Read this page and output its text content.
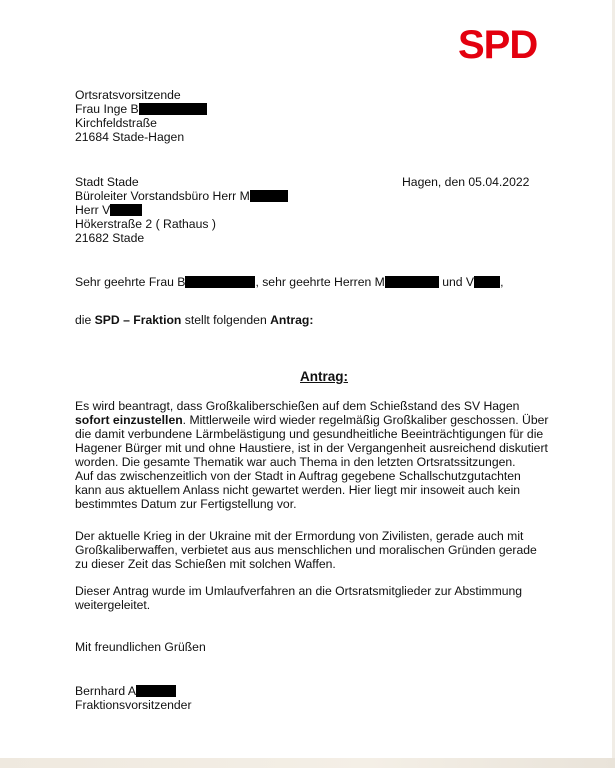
SPD
Ortsratsvorsitzende
Frau Inge B
Kirchfeldstraße
21684 Stade-Hagen
Stadt Stade
Büroleiter Vorstandsbüro Herr M
Herr V
Hökerstraße 2 ( Rathaus )
21682 Stade
Hagen, den 05.04.2022
Sehr geehrte Frau B	, sehr geehrte Herren M	und V ,
die SPD – Fraktion stellt folgenden Antrag:
Antrag:
Es wird beantragt, dass Großkaliberschießen auf dem Schießstand des SV Hagen
sofort einzustellen. Mittlerweile wird wieder regelmäßig Großkaliber geschossen. Über
die damit verbundene Lärmbelästigung und gesundheitliche Beeinträchtigungen für die
Hagener Bürger mit und ohne Haustiere, ist in der Vergangenheit ausreichend diskutiert
worden. Die gesamte Thematik war auch Thema in den letzten Ortsratssitzungen.
Auf das zwischenzeitlich von der Stadt in Auftrag gegebene Schallschutzgutachten
kann aus aktuellem Anlass nicht gewartet werden. Hier liegt mir insoweit auch kein
bestimmtes Datum zur Fertigstellung vor.
Der aktuelle Krieg in der Ukraine mit der Ermordung von Zivilisten, gerade auch mit
Großkaliberwaffen, verbietet aus aus menschlichen und moralischen Gründen gerade
zu dieser Zeit das Schießen mit solchen Waffen.
Dieser Antrag wurde im Umlaufverfahren an die Ortsratsmitglieder zur Abstimmung
weitergeleitet.
Mit freundlichen Grüßen
Bernhard A
Fraktionsvorsitzender
